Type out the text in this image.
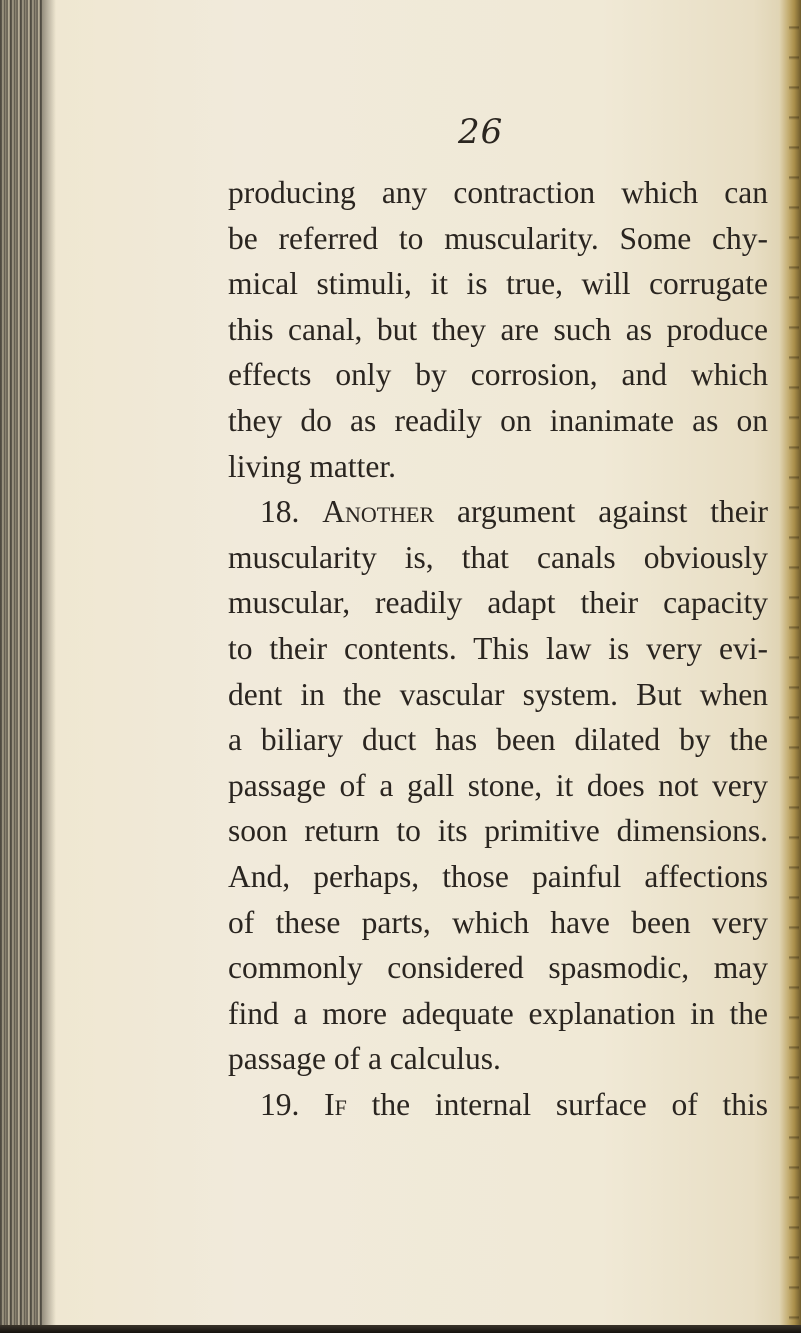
26
producing any contraction which can
be referred to muscularity. Some chy-
mical stimuli, it is true, will corrugate
this canal, but they are such as produce
effects only by corrosion, and which
they do as readily on inanimate as on
living matter.
18. Another argument against their
muscularity is, that canals obviously
muscular, readily adapt their capacity
to their contents. This law is very evi-
dent in the vascular system. But when
a biliary duct has been dilated by the
passage of a gall stone, it does not very
soon return to its primitive dimensions.
And, perhaps, those painful affections
of these parts, which have been very
commonly considered spasmodic, may
find a more adequate explanation in the
passage of a calculus.
19. If the internal surface of this
